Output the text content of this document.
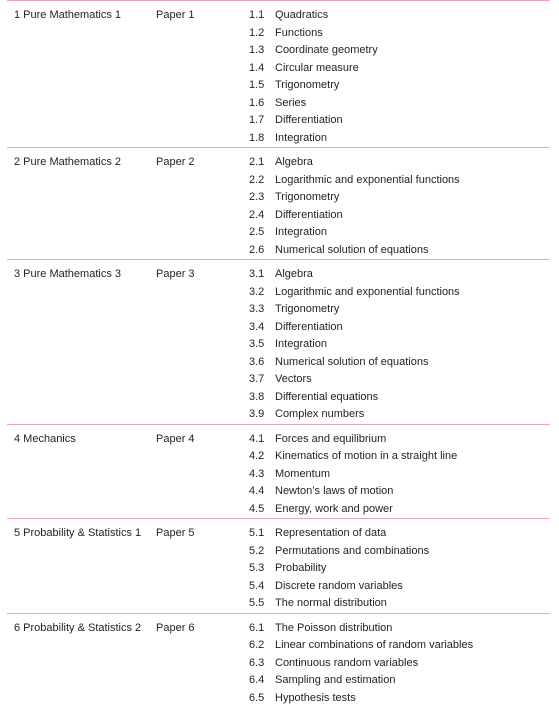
1 Pure Mathematics 1	Paper 1	1.1 Quadratics
1.2 Functions
1.3 Coordinate geometry
1.4 Circular measure
1.5 Trigonometry
1.6 Series
1.7 Differentiation
1.8 Integration
2 Pure Mathematics 2	Paper 2	2.1 Algebra
2.2 Logarithmic and exponential functions
2.3 Trigonometry
2.4 Differentiation
2.5 Integration
2.6 Numerical solution of equations
3 Pure Mathematics 3	Paper 3	3.1 Algebra
3.2 Logarithmic and exponential functions
3.3 Trigonometry
3.4 Differentiation
3.5 Integration
3.6 Numerical solution of equations
3.7 Vectors
3.8 Differential equations
3.9 Complex numbers
4 Mechanics	Paper 4	4.1 Forces and equilibrium
4.2 Kinematics of motion in a straight line
4.3 Momentum
4.4 Newton’s laws of motion
4.5 Energy, work and power
5 Probability & Statistics 1	Paper 5	5.1 Representation of data
5.2 Permutations and combinations
5.3 Probability
5.4 Discrete random variables
5.5 The normal distribution
6 Probability & Statistics 2	Paper 6	6.1 The Poisson distribution
6.2 Linear combinations of random variables
6.3 Continuous random variables
6.4 Sampling and estimation
6.5 Hypothesis tests
